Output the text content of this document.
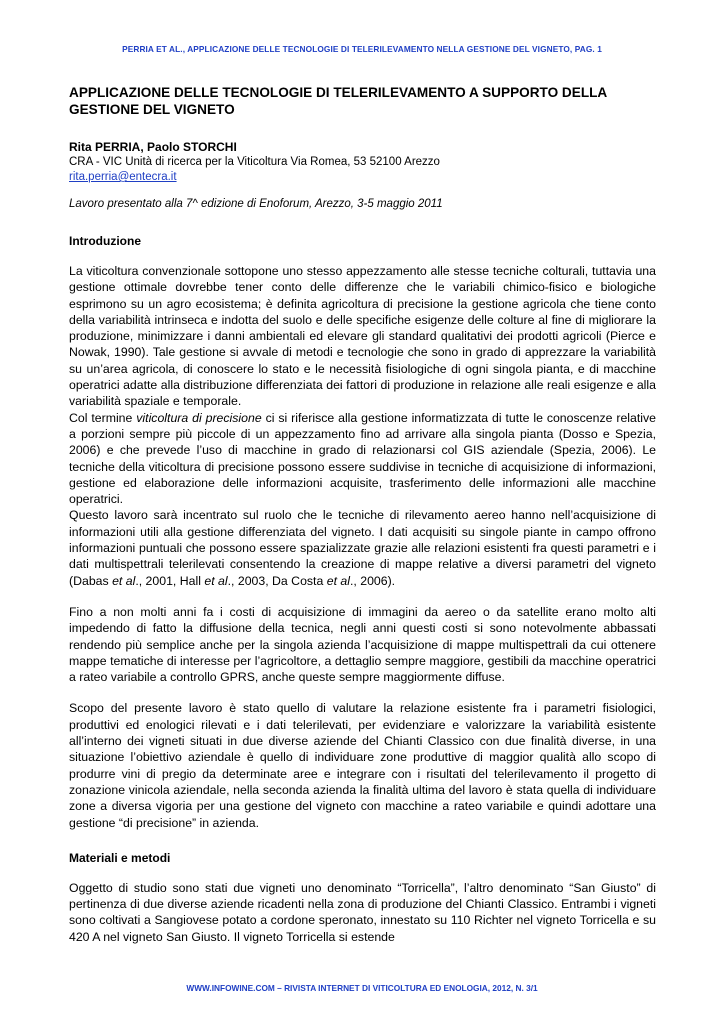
PERRIA ET AL., APPLICAZIONE DELLE TECNOLOGIE DI TELERILEVAMENTO NELLA GESTIONE DEL VIGNETO, PAG. 1
APPLICAZIONE DELLE TECNOLOGIE DI TELERILEVAMENTO A SUPPORTO DELLA GESTIONE DEL VIGNETO
Rita PERRIA, Paolo STORCHI
CRA - VIC Unità di ricerca per la Viticoltura Via Romea, 53 52100 Arezzo
rita.perria@entecra.it
Lavoro presentato alla 7^ edizione di Enoforum, Arezzo, 3-5 maggio 2011
Introduzione

La viticoltura convenzionale sottopone uno stesso appezzamento alle stesse tecniche colturali, tuttavia una gestione ottimale dovrebbe tener conto delle differenze che le variabili chimico-fisico e biologiche esprimono su un agro ecosistema; è definita agricoltura di precisione la gestione agricola che tiene conto della variabilità intrinseca e indotta del suolo e delle specifiche esigenze delle colture al fine di migliorare la produzione, minimizzare i danni ambientali ed elevare gli standard qualitativi dei prodotti agricoli (Pierce e Nowak, 1990). Tale gestione si avvale di metodi e tecnologie che sono in grado di apprezzare la variabilità su un’area agricola, di conoscere lo stato e le necessità fisiologiche di ogni singola pianta, e di macchine operatrici adatte alla distribuzione differenziata dei fattori di produzione in relazione alle reali esigenze e alla variabilità spaziale e temporale.

Col termine viticoltura di precisione ci si riferisce alla gestione informatizzata di tutte le conoscenze relative a porzioni sempre più piccole di un appezzamento fino ad arrivare alla singola pianta (Dosso e Spezia, 2006) e che prevede l’uso di macchine in grado di relazionarsi col GIS aziendale (Spezia, 2006). Le tecniche della viticoltura di precisione possono essere suddivise in tecniche di acquisizione di informazioni, gestione ed elaborazione delle informazioni acquisite, trasferimento delle informazioni alle macchine operatrici.

Questo lavoro sarà incentrato sul ruolo che le tecniche di rilevamento aereo hanno nell’acquisizione di informazioni utili alla gestione differenziata del vigneto. I dati acquisiti su singole piante in campo offrono informazioni puntuali che possono essere spazializzate grazie alle relazioni esistenti fra questi parametri e i dati multispettrali telerilevati consentendo la creazione di mappe relative a diversi parametri del vigneto (Dabas et al., 2001, Hall et al., 2003, Da Costa et al., 2006).

Fino a non molti anni fa i costi di acquisizione di immagini da aereo o da satellite erano molto alti impedendo di fatto la diffusione della tecnica, negli anni questi costi si sono notevolmente abbassati rendendo più semplice anche per la singola azienda l’acquisizione di mappe multispettrali da cui ottenere mappe tematiche di interesse per l’agricoltore, a dettaglio sempre maggiore, gestibili da macchine operatrici a rateo variabile a controllo GPRS, anche queste sempre maggiormente diffuse.

Scopo del presente lavoro è stato quello di valutare la relazione esistente fra i parametri fisiologici, produttivi ed enologici rilevati e i dati telerilevati, per evidenziare e valorizzare la variabilità esistente all’interno dei vigneti situati in due diverse aziende del Chianti Classico con due finalità diverse, in una situazione l’obiettivo aziendale è quello di individuare zone produttive di maggior qualità allo scopo di produrre vini di pregio da determinate aree e integrare con i risultati del telerilevamento il progetto di zonazione vinicola aziendale, nella seconda azienda la finalità ultima del lavoro è stata quella di individuare zone a diversa vigoria per una gestione del vigneto con macchine a rateo variabile e quindi adottare una gestione “di precisione” in azienda.

Materiali e metodi

Oggetto di studio sono stati due vigneti uno denominato “Torricella”, l’altro denominato “San Giusto” di pertinenza di due diverse aziende ricadenti nella zona di produzione del Chianti Classico. Entrambi i vigneti sono coltivati a Sangiovese potato a cordone speronato, innestato su 110 Richter nel vigneto Torricella e su 420 A nel vigneto San Giusto. Il vigneto Torricella si estende

WWW.INFOWINE.COM – RIVISTA INTERNET DI VITICOLTURA ED ENOLOGIA, 2012, N. 3/1
